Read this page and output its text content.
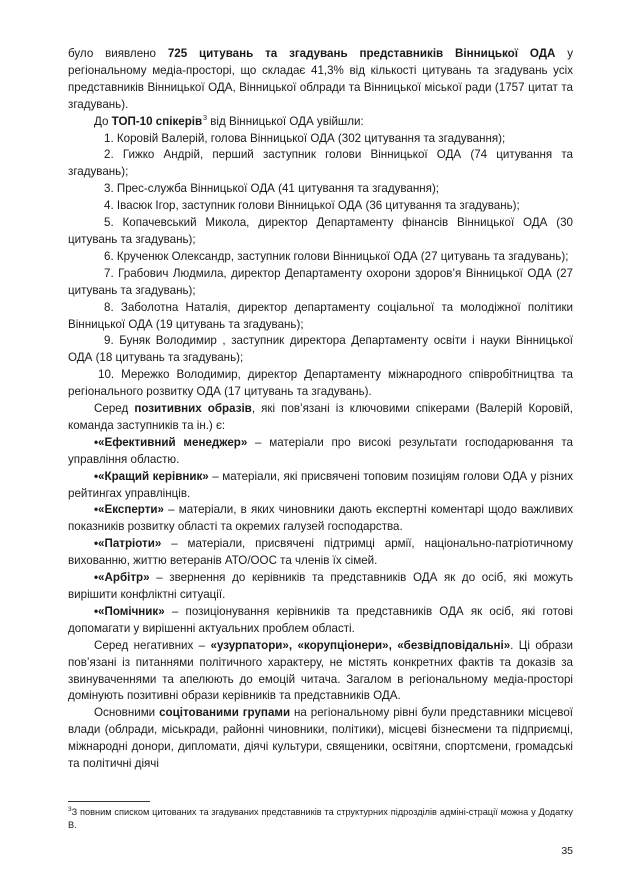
було виявлено 725 цитувань та згадувань представників Вінницької ОДА у регіональному медіа-просторі, що складає 41,3% від кількості цитувань та згадувань усіх представників Вінницької ОДА, Вінницької облради та Вінницької міської ради (1757 цитат та згадувань).

До ТОП-10 спікерів$^3$ від Вінницької ОДА увійшли:

1. Коровій Валерій, голова Вінницької ОДА (302 цитування та згадування);

2. Гижко Андрій, перший заступник голови Вінницької ОДА (74 цитування та згадувань);

3. Прес-служба Вінницької ОДА (41 цитування та згадування);

4. Івасюк Ігор, заступник голови Вінницької ОДА (36 цитування та згадувань);

5. Копачевський Микола, директор Департаменту фінансів Вінницької ОДА (30 цитувань та згадувань);

6. Крученюк Олександр, заступник голови Вінницької ОДА (27 цитувань та згадувань);

7. Грабович Людмила, директор Департаменту охорони здоров’я Вінницької ОДА (27 цитувань та згадувань);

8. Заболотна Наталія, директор департаменту соціальної та молодіжної політики Вінницької ОДА (19 цитувань та згадувань);

9. Буняк Володимир , заступник директора Департаменту освіти і науки Вінницької ОДА (18 цитувань та згадувань);

10. Мережко Володимир, директор Департаменту міжнародного співробітництва та регіонального розвитку ОДА (17 цитувань та згадувань).

Серед позитивних образів, які пов’язані із ключовими спікерами (Валерій Коровій, команда заступників та ін.) є:

•«Ефективний менеджер» – матеріали про високі результати господарювання та управління областю.

•«Кращий керівник» – матеріали, які присвячені топовим позиціям голови ОДА у різних рейтингах управлінців.

•«Експерти» – матеріали, в яких чиновники дають експертні коментарі щодо важливих показників розвитку області та окремих галузей господарства.

•«Патріоти» – матеріали, присвячені підтримці армії, національно-патріотичному вихованню, життю ветеранів АТО/ООС та членів їх сімей.

•«Арбітр» – звернення до керівників та представників ОДА як до осіб, які можуть вирішити конфліктні ситуації.

•«Помічник» – позиціонування керівників та представників ОДА як осіб, які готові допомагати у вирішенні актуальних проблем області.

Серед негативних – «узурпатори», «корупціонери», «безвідповідальні». Ці образи пов’язані із питаннями політичного характеру, не містять конкретних фактів та доказів за звинуваченнями та апелюють до емоцій читача. Загалом в регіональному медіа-просторі домінують позитивні образи керівників та представників ОДА.

Основними соцiтованими групами на регіональному рівні були представники місцевої влади (облради, міськради, районні чиновники, політики), місцеві бізнесмени та підприємці, міжнародні донори, дипломати, діячі культури, священики, освітяни, спортсмени, громадські та політичні діячі

$^3$З повним списком цитованих та згадуваних представників та структурних підрозділів адміні-страції можна у Додатку В.

35
